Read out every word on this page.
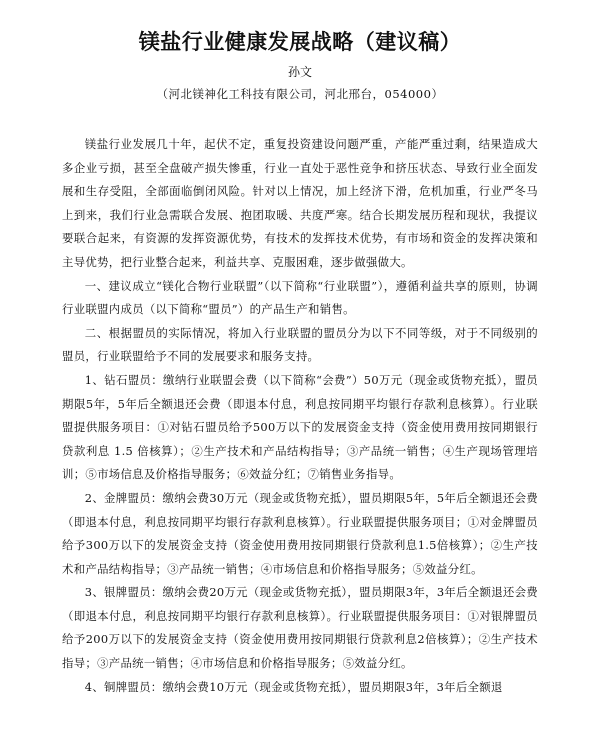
镁盐行业健康发展战略（建议稿）
孙文
（河北镁神化工科技有限公司，河北邢台，054000）

镁盐行业发展几十年，起伏不定，重复投资建设问题严重，产能严重过剩，结果造成大多企业亏损，甚至全盘破产损失惨重，行业一直处于恶性竞争和挤压状态、导致行业全面发展和生存受阻，全部面临倒闭风险。针对以上情况，加上经济下滑，危机加重，行业严冬马上到来，我们行业急需联合发展、抱团取暖、共度严寒。结合长期发展历程和现状，我提议要联合起来，有资源的发挥资源优势，有技术的发挥技术优势，有市场和资金的发挥决策和主导优势，把行业整合起来，利益共享、克服困难，逐步做强做大。

一、建议成立“镁化合物行业联盟”（以下简称“行业联盟”），遵循利益共享的原则，协调行业联盟内成员（以下简称“盟员”）的产品生产和销售。

二、根据盟员的实际情况，将加入行业联盟的盟员分为以下不同等级，对于不同级别的盟员，行业联盟给予不同的发展要求和服务支持。

1、钻石盟员：缴纳行业联盟会费（以下简称“会费”）50万元（现金或货物充抵），盟员期限5年，5年后全额退还会费（即退本付息，利息按同期平均银行存款利息核算）。行业联盟提供服务项目：①对钻石盟员给予500万以下的发展资金支持（资金使用费用按同期银行贷款利息 1.5 倍核算）；②生产技术和产品结构指导；③产品统一销售；④生产现场管理培训；⑤市场信息及价格指导服务；⑥效益分红；⑦销售业务指导。

2、金牌盟员：缴纳会费30万元（现金或货物充抵），盟员期限5年，5年后全额退还会费（即退本付息，利息按同期平均银行存款利息核算）。行业联盟提供服务项目；①对金牌盟员给予300万以下的发展资金支持（资金使用费用按同期银行贷款利息1.5倍核算）；②生产技术和产品结构指导；③产品统一销售；④市场信息和价格指导服务；⑤效益分红。

3、银牌盟员：缴纳会费20万元（现金或货物充抵），盟员期限3年，3年后全额退还会费（即退本付息，利息按同期平均银行存款利息核算）。行业联盟提供服务项目：①对银牌盟员给予200万以下的发展资金支持（资金使用费用按同期银行贷款利息2倍核算）；②生产技术指导；③产品统一销售；④市场信息和价格指导服务；⑤效益分红。

4、铜牌盟员：缴纳会费10万元（现金或货物充抵），盟员期限3年，3年后全额退
